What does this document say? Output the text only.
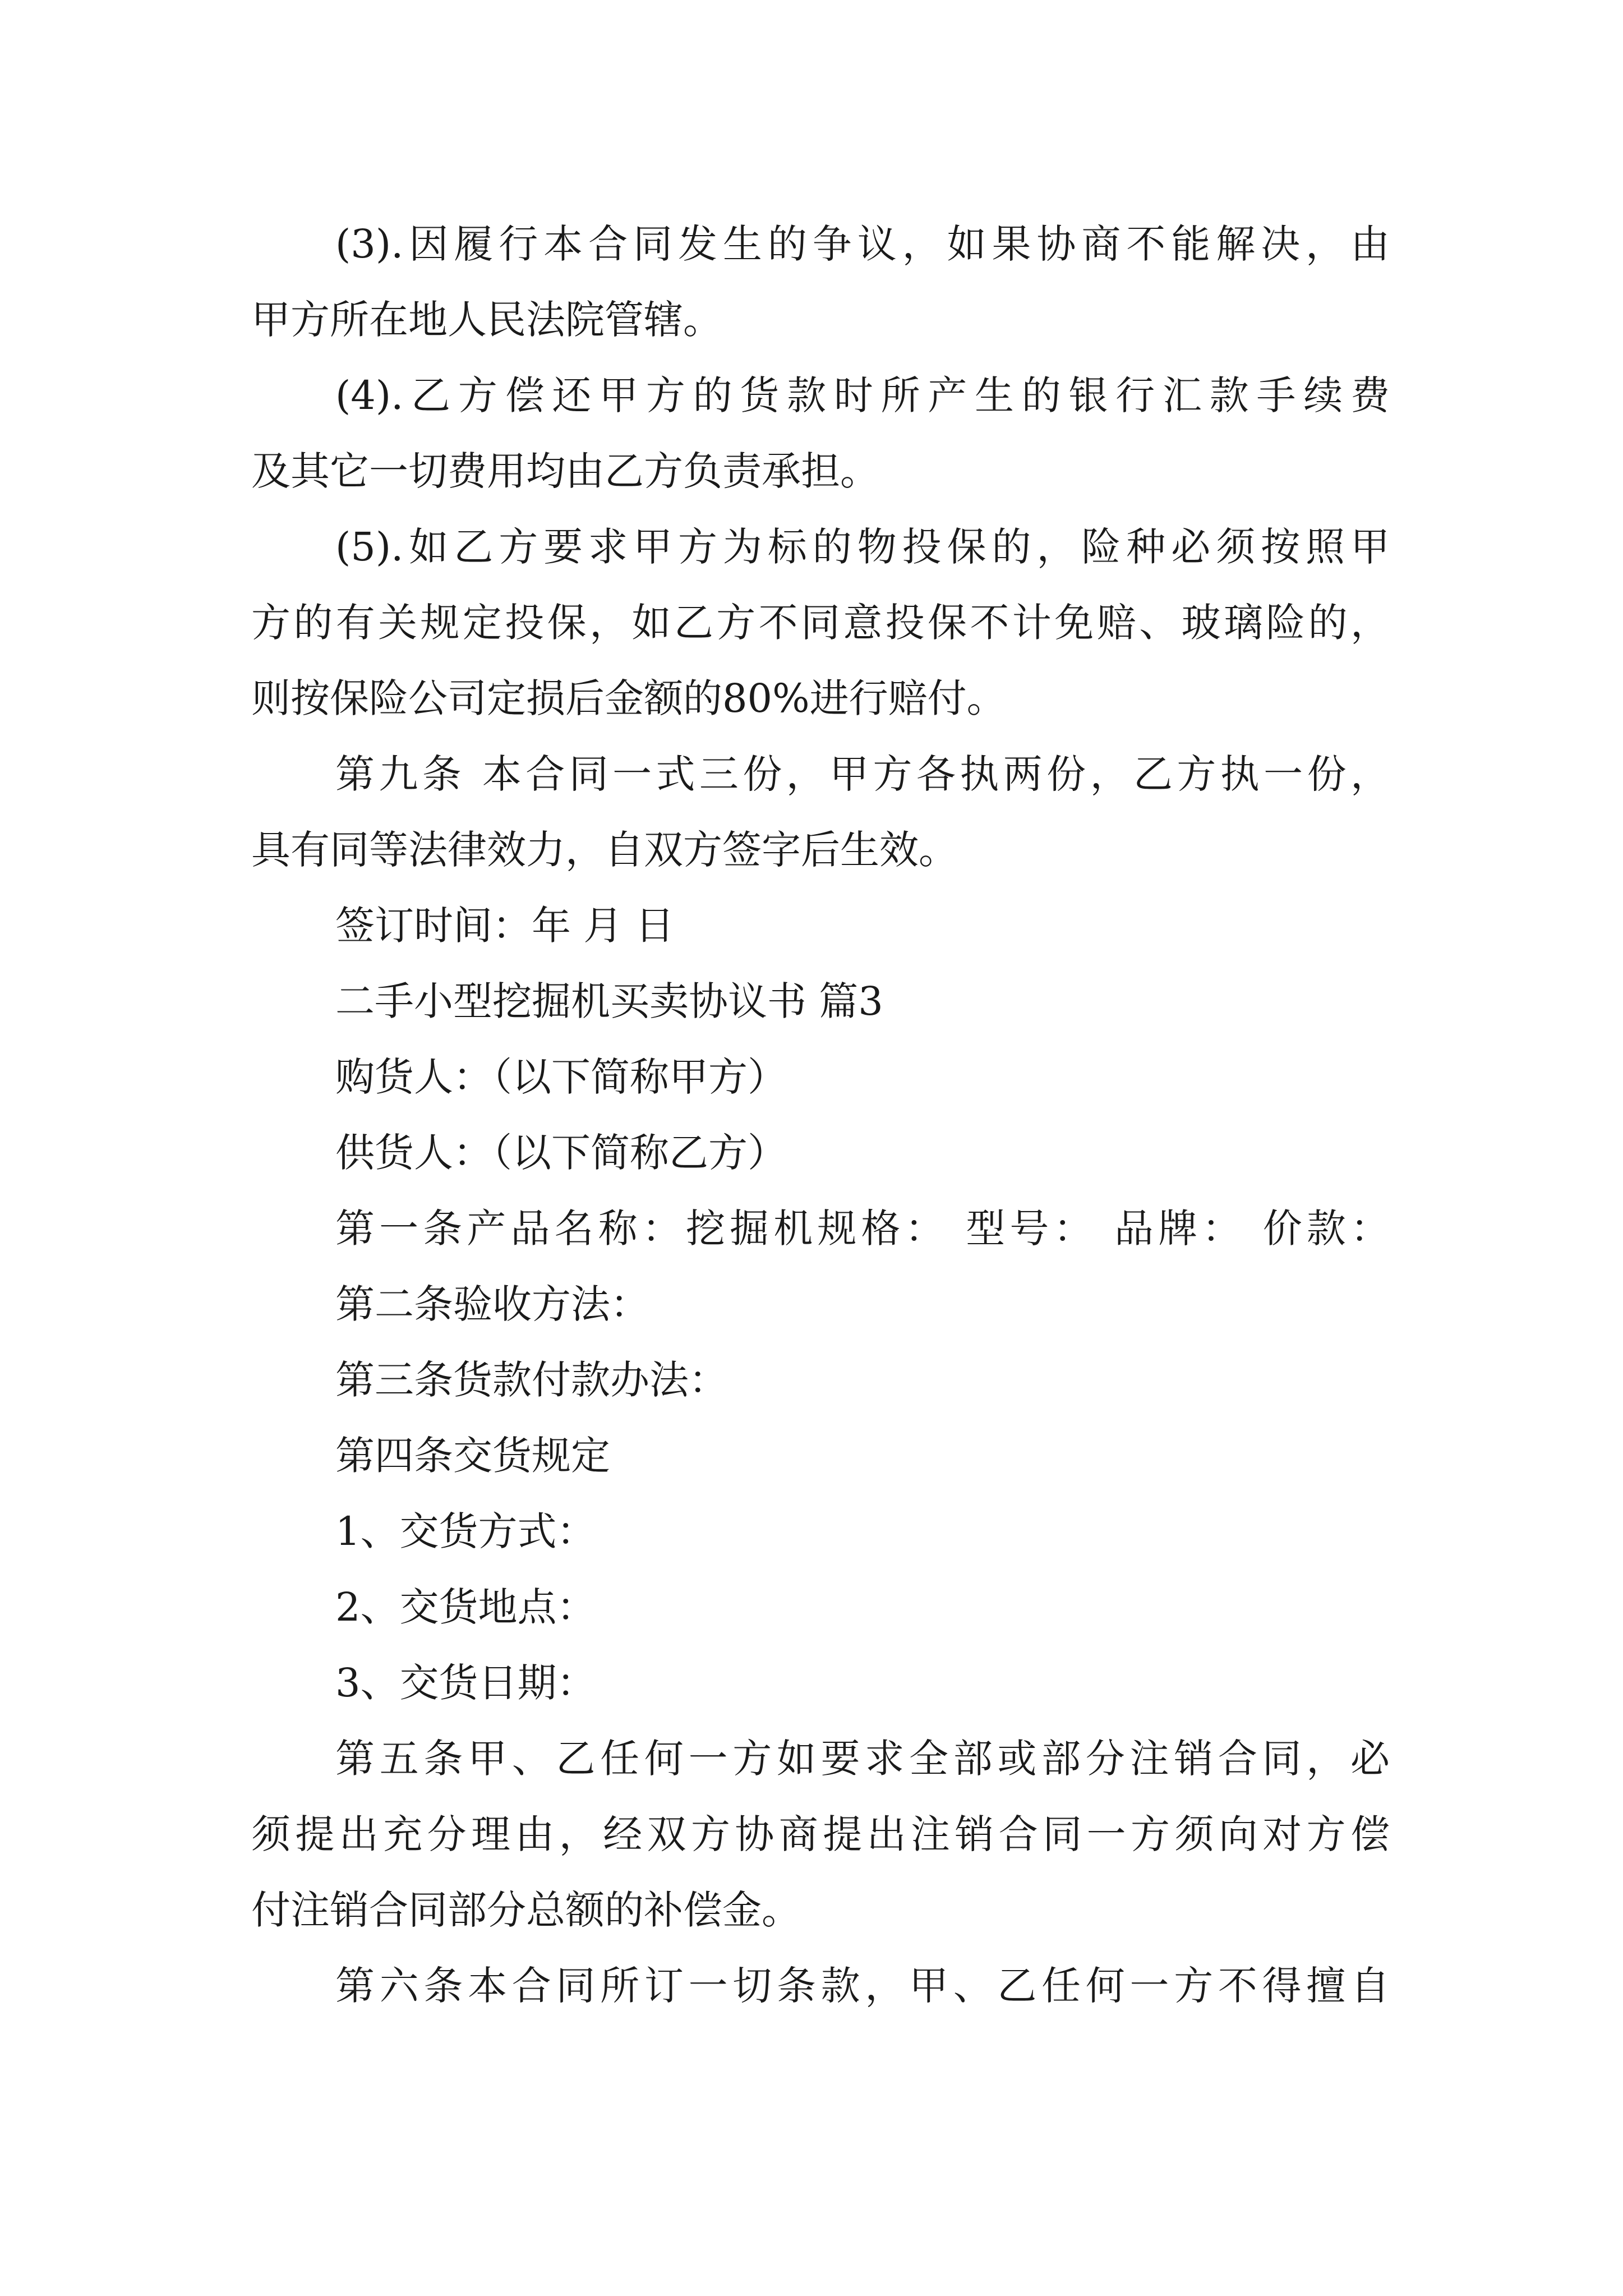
(3).因履行本合同发生的争议，如果协商不能解决，由
甲方所在地人民法院管辖。
(4).乙方偿还甲方的货款时所产生的银行汇款手续费
及其它一切费用均由乙方负责承担。
(5).如乙方要求甲方为标的物投保的，险种必须按照甲
方的有关规定投保，如乙方不同意投保不计免赔、玻璃险的，
则按保险公司定损后金额的80%进行赔付。
第九条 本合同一式三份，甲方各执两份，乙方执一份，
具有同等法律效力，自双方签字后生效。
签订时间：年 月 日
二手小型挖掘机买卖协议书 篇3
购货人：（以下简称甲方）
供货人：（以下简称乙方）
第一条产品名称：挖掘机规格： 型号： 品牌： 价款：
第二条验收方法：
第三条货款付款办法：
第四条交货规定
1、交货方式：
2、交货地点：
3、交货日期：
第五条甲、乙任何一方如要求全部或部分注销合同，必
须提出充分理由，经双方协商提出注销合同一方须向对方偿
付注销合同部分总额的补偿金。
第六条本合同所订一切条款，甲、乙任何一方不得擅自
